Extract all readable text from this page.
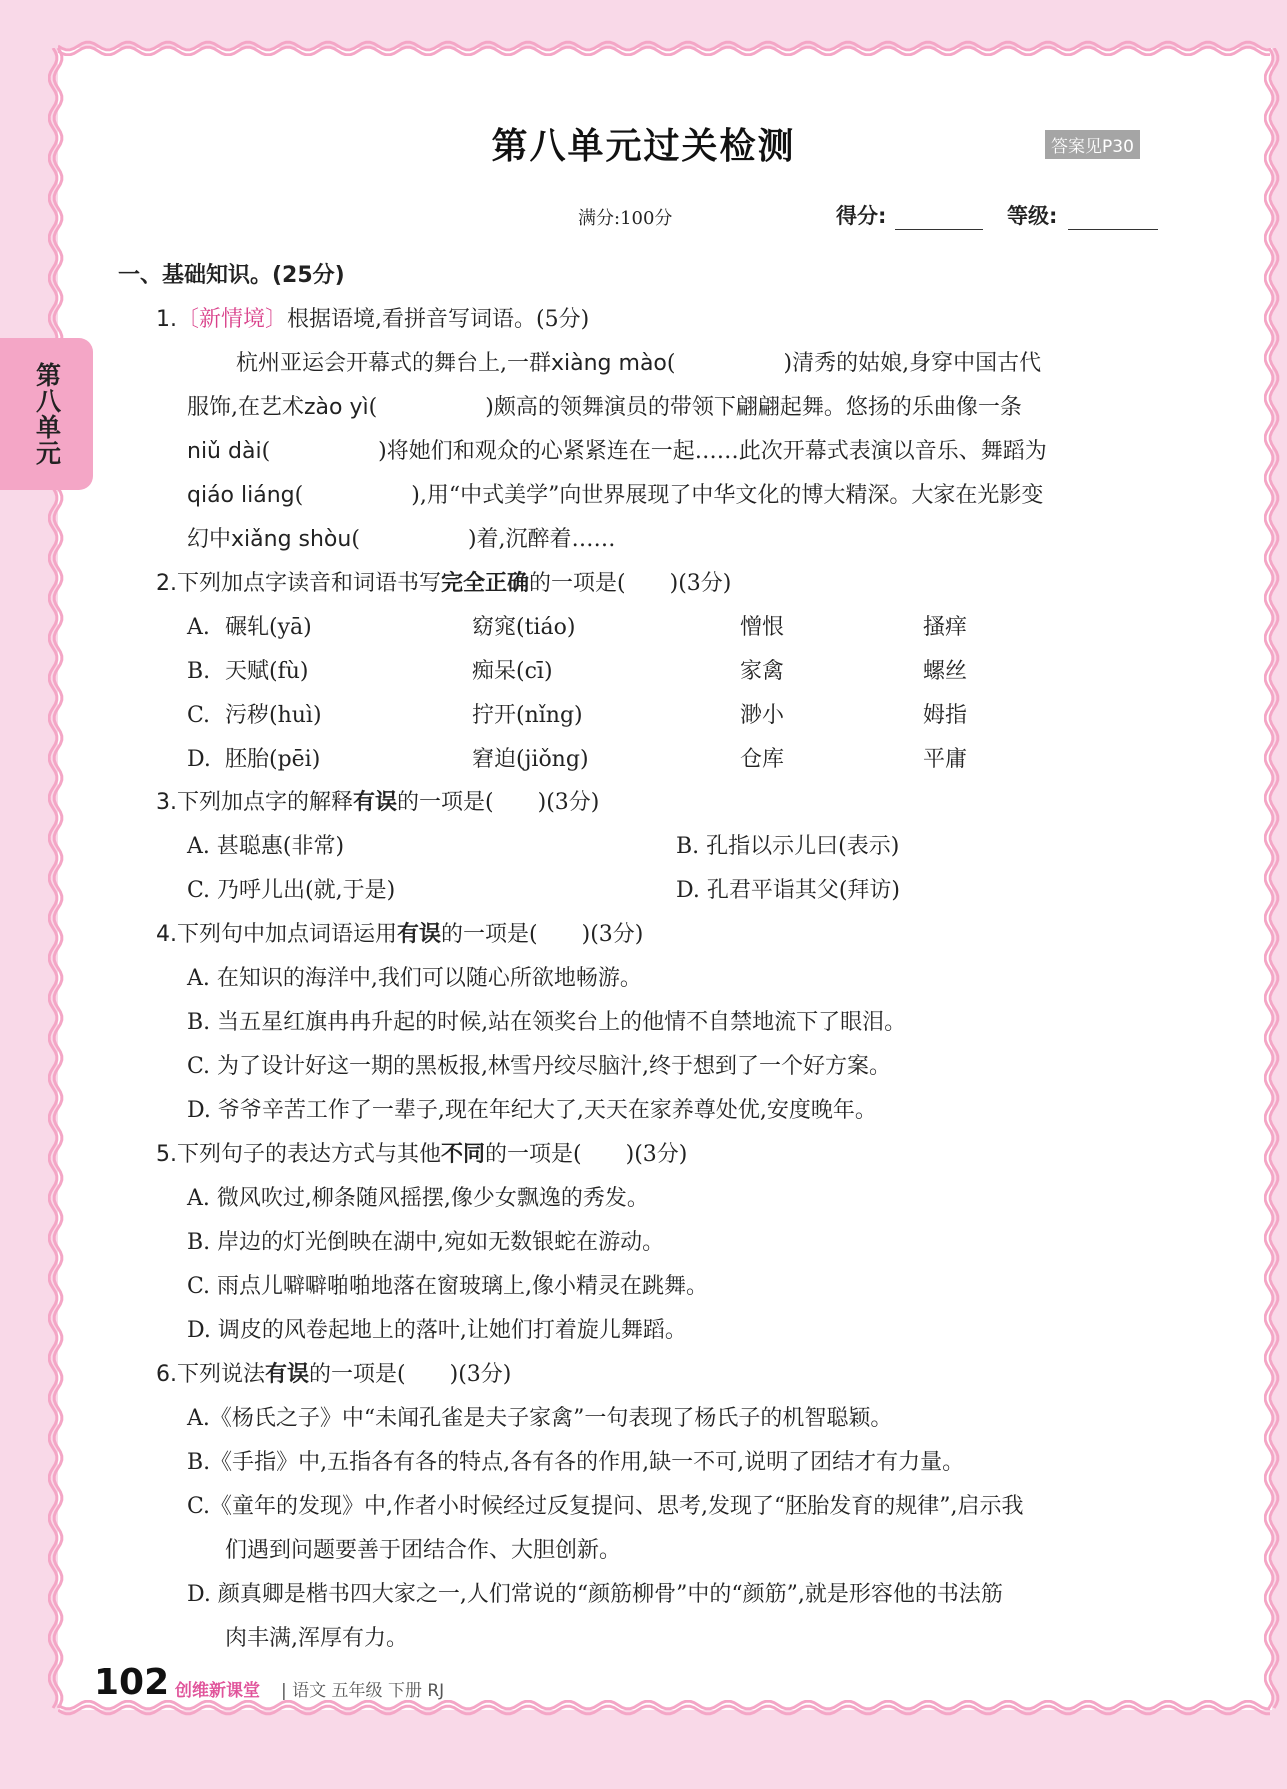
第八单元
第八单元过关检测	答案见P30
满分:100分	得分:	等级:
一、基础知识。(25分)
1.〔新情境〕根据语境,看拼音写词语。(5分)
杭州亚运会开幕式的舞台上,一群xiàng mào(	)清秀的姑娘,身穿中国古代
服饰,在艺术zào yì(	)颇高的领舞演员的带领下翩翩起舞。悠扬的乐曲像一条
niǔ dài(	)将她们和观众的心紧紧连在一起……此次开幕式表演以音乐、舞蹈为
qiáo liáng(	),用“中式美学”向世界展现了中华文化的博大精深。大家在光影变
幻中xiǎng shòu(	)着,沉醉着……
2.下列加点字读音和词语书写完全正确的一项是( )(3分)
A. 碾轧(yā)	窈窕(tiáo)	憎恨	搔痒
B. 天赋(fù)	痴呆(cī)	家禽	螺丝
C. 污秽(huì)	拧开(nǐng)	渺小	姆指
D. 胚胎(pēi)	窘迫(jiǒng)	仓库	平庸
3.下列加点字的解释有误的一项是( )(3分)
A. 甚聪惠(非常)	B. 孔指以示儿曰(表示)
C. 乃呼儿出(就,于是)	D. 孔君平诣其父(拜访)
4.下列句中加点词语运用有误的一项是( )(3分)
A. 在知识的海洋中,我们可以随心所欲地畅游。
B. 当五星红旗冉冉升起的时候,站在领奖台上的他情不自禁地流下了眼泪。
C. 为了设计好这一期的黑板报,林雪丹绞尽脑汁,终于想到了一个好方案。
D. 爷爷辛苦工作了一辈子,现在年纪大了,天天在家养尊处优,安度晚年。
5.下列句子的表达方式与其他不同的一项是( )(3分)
A. 微风吹过,柳条随风摇摆,像少女飘逸的秀发。
B. 岸边的灯光倒映在湖中,宛如无数银蛇在游动。
C. 雨点儿噼噼啪啪地落在窗玻璃上,像小精灵在跳舞。
D. 调皮的风卷起地上的落叶,让她们打着旋儿舞蹈。
6.下列说法有误的一项是( )(3分)
A.《杨氏之子》中“未闻孔雀是夫子家禽”一句表现了杨氏子的机智聪颖。
B.《手指》中,五指各有各的特点,各有各的作用,缺一不可,说明了团结才有力量。
C.《童年的发现》中,作者小时候经过反复提问、思考,发现了“胚胎发育的规律”,启示我
们遇到问题要善于团结合作、大胆创新。
D. 颜真卿是楷书四大家之一,人们常说的“颜筋柳骨”中的“颜筋”,就是形容他的书法筋
肉丰满,浑厚有力。
102 创维新课堂 | 语文 五年级 下册 RJ
